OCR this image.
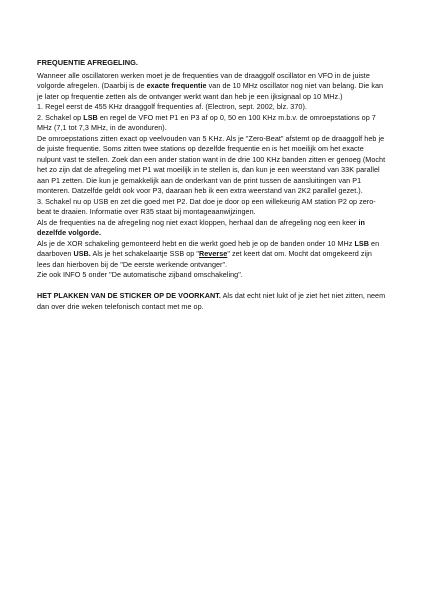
FREQUENTIE AFREGELING.

Wanneer alle oscillatoren werken moet je de frequenties van de draaggolf oscillator en VFO in de juiste volgorde afregelen. (Daarbij is de exacte frequentie van de 10 MHz oscillator nog niet van belang. Die kan je later op frequentie zetten als de ontvanger werkt want dan heb je een ijksignaal op 10 MHz.)

1. Regel eerst de 455 KHz draaggolf frequenties af. (Electron, sept. 2002, blz. 370).

2. Schakel op LSB en regel de VFO met P1 en P3 af op 0, 50 en 100 KHz m.b.v. de omroepstations op 7 MHz (7,1 tot 7,3 MHz, in de avonduren).

De omroepstations zitten exact op veelvouden van 5 KHz. Als je "Zero-Beat" afstemt op de draaggolf heb je de juiste frequentie. Soms zitten twee stations op dezelfde frequentie en is het moeilijk om het exacte nulpunt vast te stellen. Zoek dan een ander station want in de drie 100 KHz banden zitten er genoeg (Mocht het zo zijn dat de afregeling met P1 wat moeilijk in te stellen is, dan kun je een weerstand van 33K parallel aan P1 zetten. Die kun je gemakkelijk aan de onderkant van de print tussen de aansluitingen van P1 monteren. Datzelfde geldt ook voor P3, daaraan heb ik een extra weerstand van 2K2 parallel gezet.).

3. Schakel nu op USB en zet die goed met P2. Dat doe je door op een willekeurig AM station P2 op zero-beat te draaien. Informatie over R35 staat bij montageaanwijzingen.

Als de frequenties na de afregeling nog niet exact kloppen, herhaal dan de afregeling nog een keer in dezelfde volgorde.

Als je de XOR schakeling gemonteerd hebt en die werkt goed heb je op de banden onder 10 MHz LSB en daarboven USB. Als je het schakelaartje SSB op "Reverse" zet keert dat om. Mocht dat omgekeerd zijn lees dan hierboven bij de "De eerste werkende ontvanger".

Zie ook INFO 5 onder "De automatische zijband omschakeling".

HET PLAKKEN VAN DE STICKER OP DE VOORKANT. Als dat echt niet lukt of je ziet het niet zitten, neem dan over drie weken telefonisch contact met me op.
